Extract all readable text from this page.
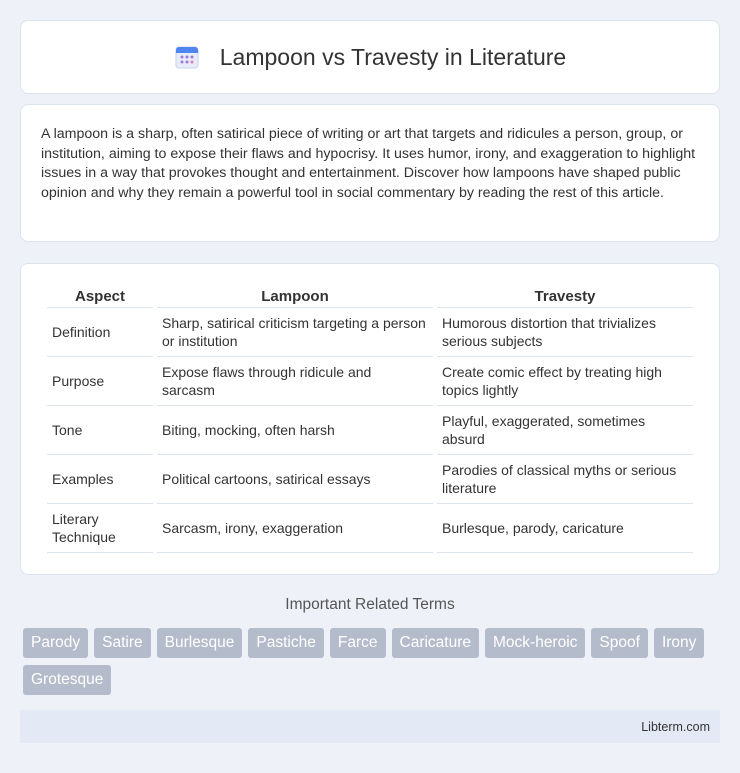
Lampoon vs Travesty in Literature

A lampoon is a sharp, often satirical piece of writing or art that targets and ridicules a person, group, or institution, aiming to expose their flaws and hypocrisy. It uses humor, irony, and exaggeration to highlight issues in a way that provokes thought and entertainment. Discover how lampoons have shaped public opinion and why they remain a powerful tool in social commentary by reading the rest of this article.

Aspect	Lampoon	Travesty
Definition	Sharp, satirical criticism targeting a person or institution	Humorous distortion that trivializes serious subjects
Purpose	Expose flaws through ridicule and sarcasm	Create comic effect by treating high topics lightly
Tone	Biting, mocking, often harsh	Playful, exaggerated, sometimes absurd
Examples	Political cartoons, satirical essays	Parodies of classical myths or serious literature
Literary Technique	Sarcasm, irony, exaggeration	Burlesque, parody, caricature
Important Related Terms
Parody	Satire	Burlesque	Pastiche	Farce	Caricature	Mock-heroic	Spoof	Irony
Grotesque
Libterm.com
